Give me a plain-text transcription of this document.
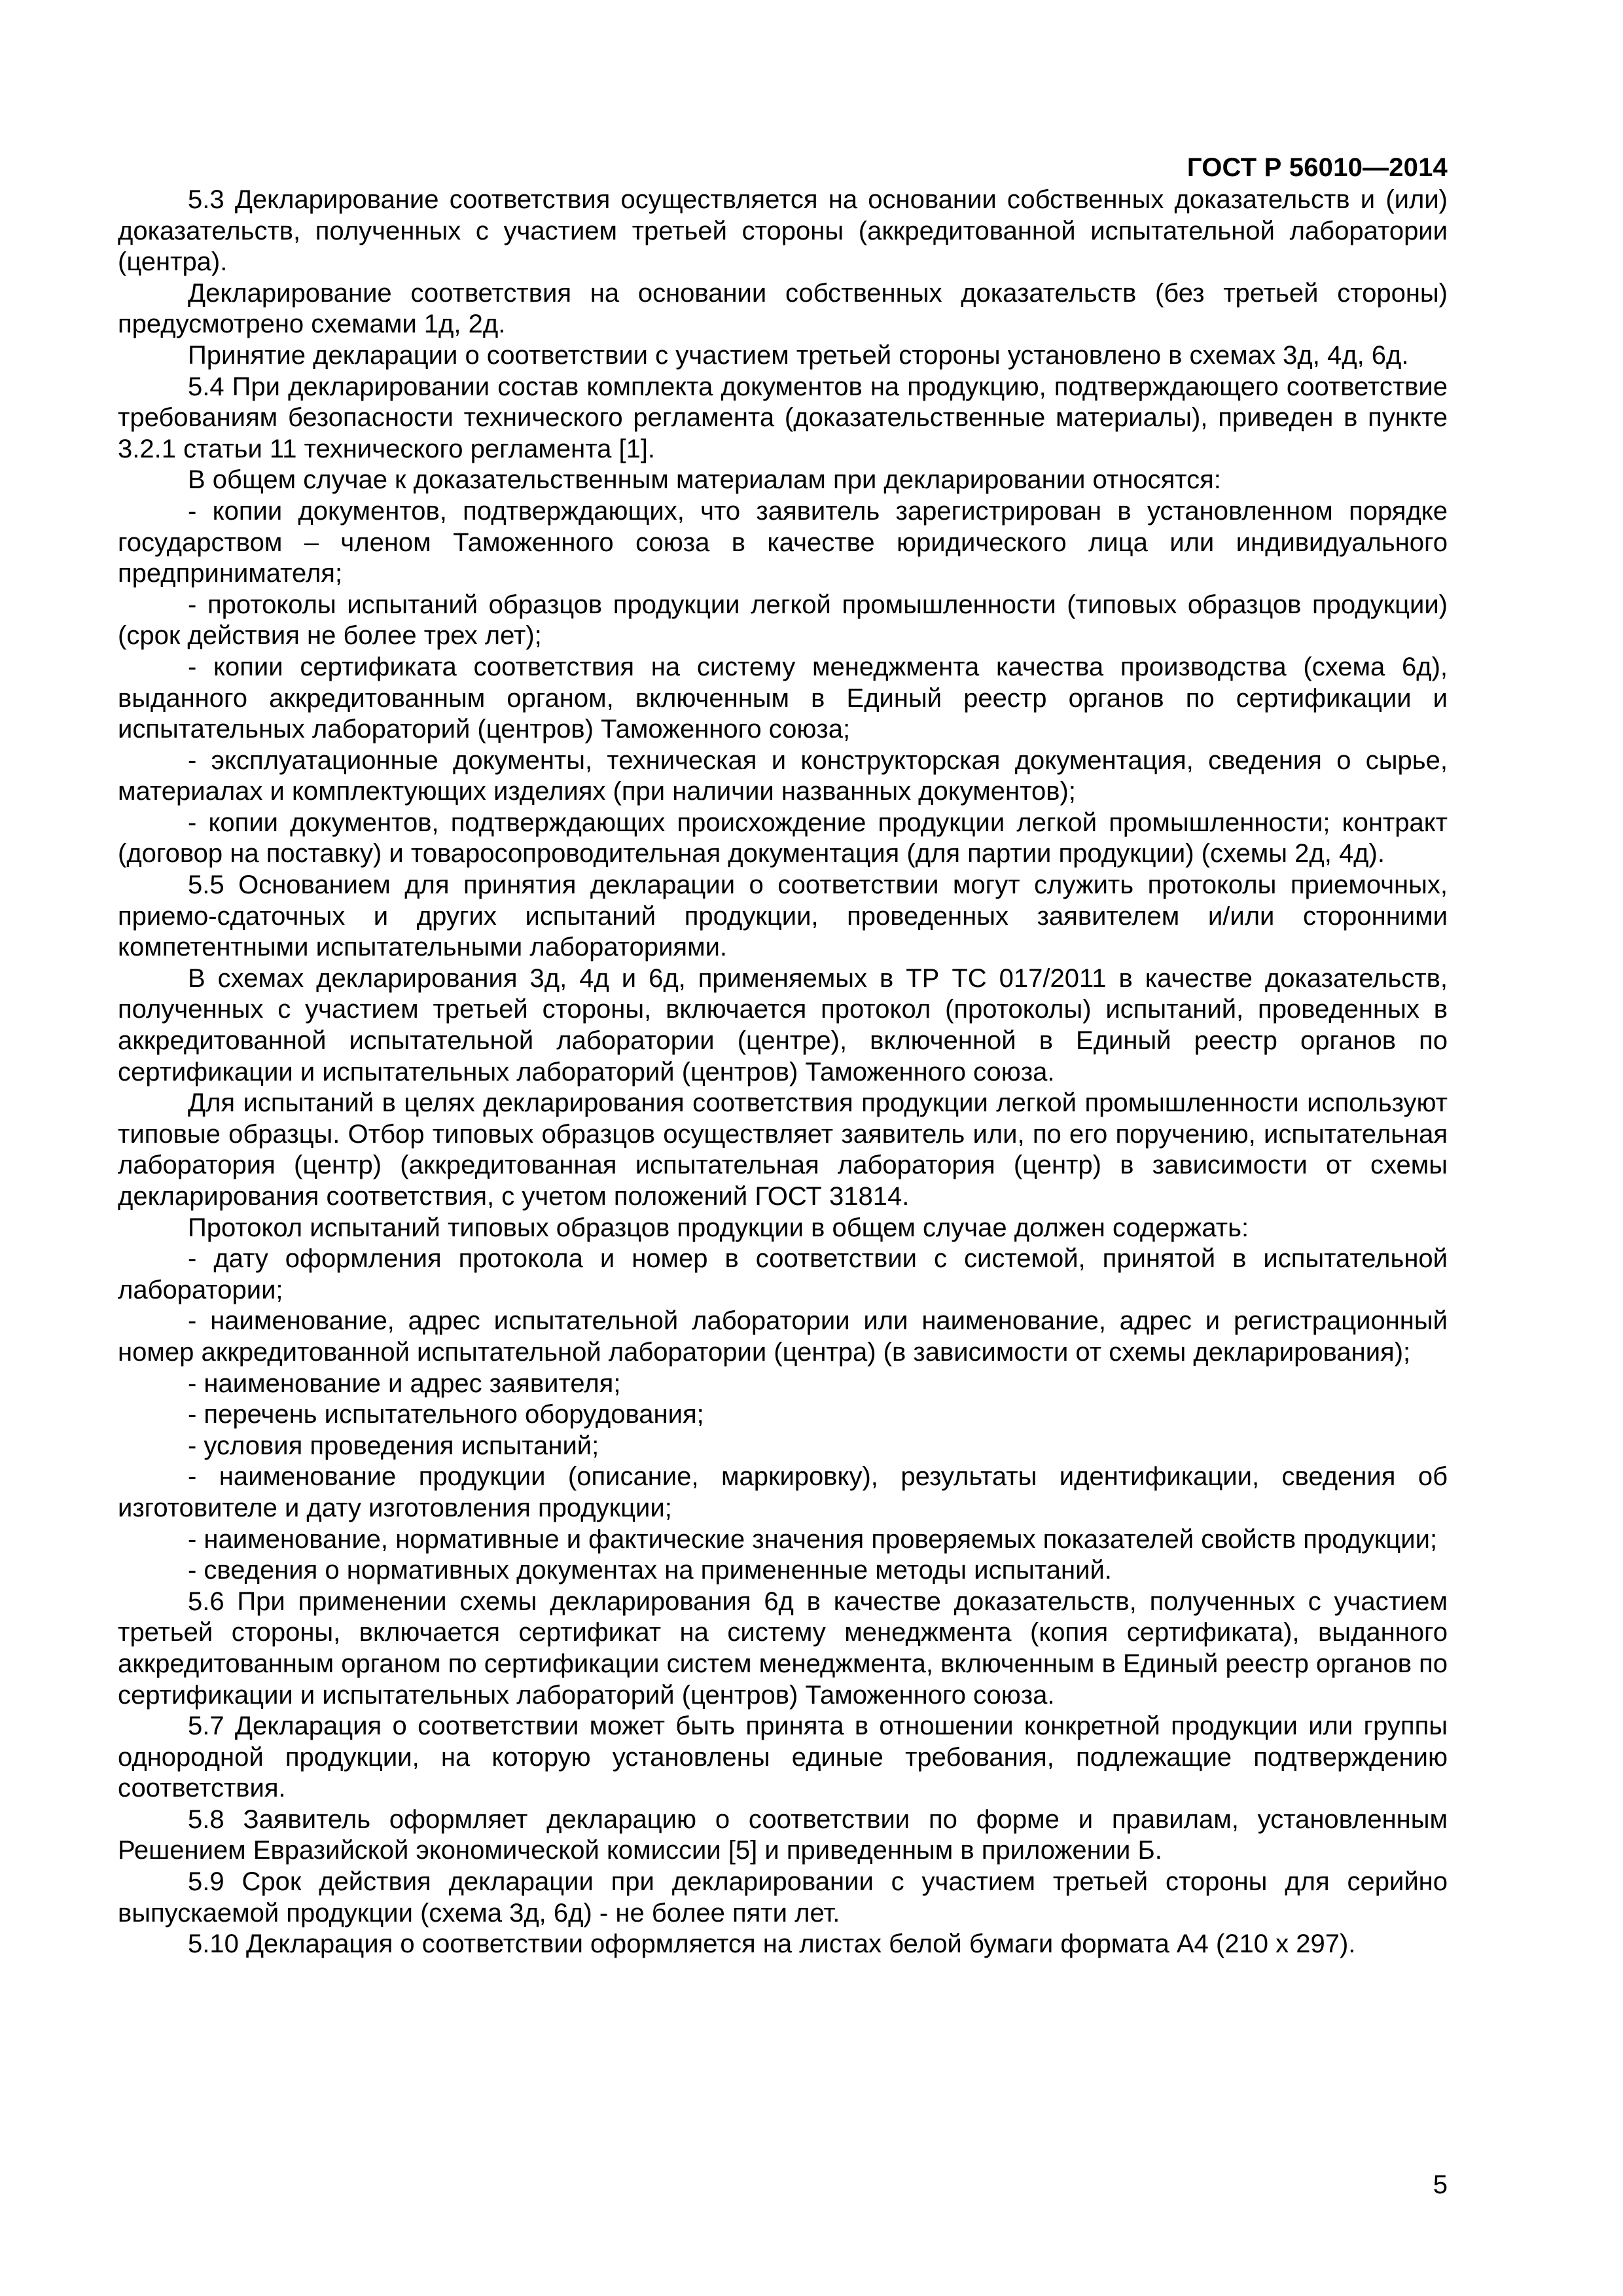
ГОСТ Р 56010—2014

5.3 Декларирование соответствия осуществляется на основании собственных доказательств и (или) доказательств, полученных с участием третьей стороны (аккредитованной испытательной лаборатории (центра).

Декларирование соответствия на основании собственных доказательств (без третьей стороны) предусмотрено схемами 1д, 2д.

Принятие декларации о соответствии с участием третьей стороны установлено в схемах 3д, 4д, 6д.

5.4 При декларировании состав комплекта документов на продукцию, подтверждающего соответствие требованиям безопасности технического регламента (доказательственные материалы), приведен в пункте 3.2.1 статьи 11 технического регламента [1].

В общем случае к доказательственным материалам при декларировании относятся:

- копии документов, подтверждающих, что заявитель зарегистрирован в установленном порядке государством – членом Таможенного союза в качестве юридического лица или индивидуального предпринимателя;

- протоколы испытаний образцов продукции легкой промышленности (типовых образцов продукции) (срок действия не более трех лет);

- копии сертификата соответствия на систему менеджмента качества производства (схема 6д), выданного аккредитованным органом, включенным в Единый реестр органов по сертификации и испытательных лабораторий (центров) Таможенного союза;

- эксплуатационные документы, техническая и конструкторская документация, сведения о сырье, материалах и комплектующих изделиях (при наличии названных документов);

- копии документов, подтверждающих происхождение продукции легкой промышленности; контракт (договор на поставку) и товаросопроводительная документация (для партии продукции) (схемы 2д, 4д).

5.5 Основанием для принятия декларации о соответствии могут служить протоколы приемочных, приемо-сдаточных и других испытаний продукции, проведенных заявителем и/или сторонними компетентными испытательными лабораториями.

В схемах декларирования 3д, 4д и 6д, применяемых в ТР ТС 017/2011 в качестве доказательств, полученных с участием третьей стороны, включается протокол (протоколы) испытаний, проведенных в аккредитованной испытательной лаборатории (центре), включенной в Единый реестр органов по сертификации и испытательных лабораторий (центров) Таможенного союза.

Для испытаний в целях декларирования соответствия продукции легкой промышленности используют типовые образцы. Отбор типовых образцов осуществляет заявитель или, по его поручению, испытательная лаборатория (центр) (аккредитованная испытательная лаборатория (центр) в зависимости от схемы декларирования соответствия, с учетом положений ГОСТ 31814.

Протокол испытаний типовых образцов продукции в общем случае должен содержать:

- дату оформления протокола и номер в соответствии с системой, принятой в испытательной лаборатории;

- наименование, адрес испытательной лаборатории или наименование, адрес и регистрационный номер аккредитованной испытательной лаборатории (центра) (в зависимости от схемы декларирования);

- наименование и адрес заявителя;

- перечень испытательного оборудования;

- условия проведения испытаний;

- наименование продукции (описание, маркировку), результаты идентификации, сведения об изготовителе и дату изготовления продукции;

- наименование, нормативные и фактические значения проверяемых показателей свойств продукции;

- сведения о нормативных документах на примененные методы испытаний.

5.6 При применении схемы декларирования 6д в качестве доказательств, полученных с участием третьей стороны, включается сертификат на систему менеджмента (копия сертификата), выданного аккредитованным органом по сертификации систем менеджмента, включенным в Единый реестр органов по сертификации и испытательных лабораторий (центров) Таможенного союза.

5.7 Декларация о соответствии может быть принята в отношении конкретной продукции или группы однородной продукции, на которую установлены единые требования, подлежащие подтверждению соответствия.

5.8 Заявитель оформляет декларацию о соответствии по форме и правилам, установленным Решением Евразийской экономической комиссии [5] и приведенным в приложении Б.

5.9 Срок действия декларации при декларировании с участием третьей стороны для серийно выпускаемой продукции (схема 3д, 6д) - не более пяти лет.

5.10 Декларация о соответствии оформляется на листах белой бумаги формата А4 (210 x 297).

5
